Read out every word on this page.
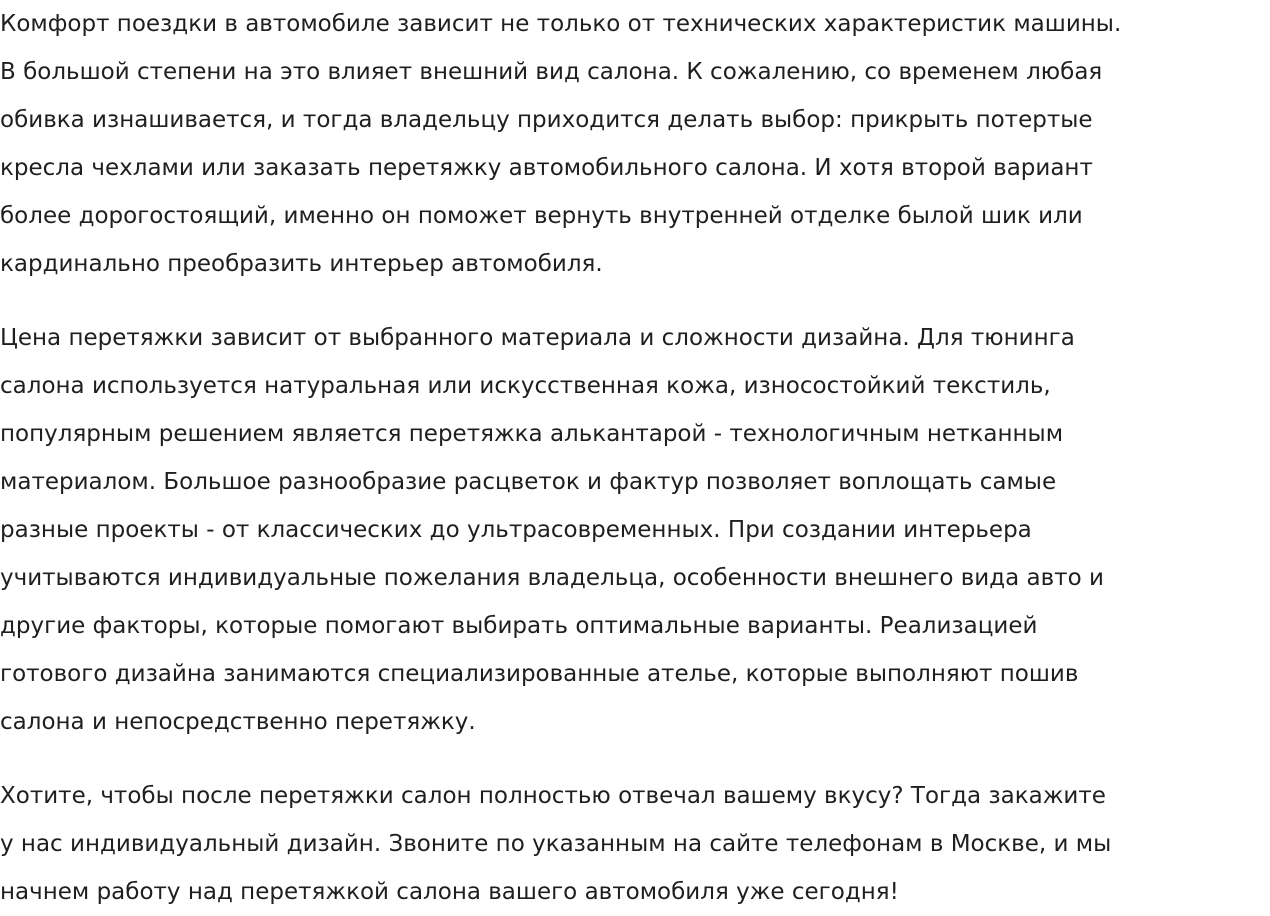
Комфорт поездки в автомобиле зависит не только от технических характеристик машины.
В большой степени на это влияет внешний вид салона. К сожалению, со временем любая
обивка изнашивается, и тогда владельцу приходится делать выбор: прикрыть потертые
кресла чехлами или заказать перетяжку автомобильного салона. И хотя второй вариант
более дорогостоящий, именно он поможет вернуть внутренней отделке былой шик или
кардинально преобразить интерьер автомобиля.

Цена перетяжки зависит от выбранного материала и сложности дизайна. Для тюнинга
салона используется натуральная или искусственная кожа, износостойкий текстиль,
популярным решением является перетяжка алькантарой - технологичным нетканным
материалом. Большое разнообразие расцветок и фактур позволяет воплощать самые
разные проекты - от классических до ультрасовременных. При создании интерьера
учитываются индивидуальные пожелания владельца, особенности внешнего вида авто и
другие факторы, которые помогают выбирать оптимальные варианты. Реализацией
готового дизайна занимаются специализированные ателье, которые выполняют пошив
салона и непосредственно перетяжку.

Хотите, чтобы после перетяжки салон полностью отвечал вашему вкусу? Тогда закажите
у нас индивидуальный дизайн. Звоните по указанным на сайте телефонам в Москве, и мы
начнем работу над перетяжкой салона вашего автомобиля уже сегодня!
